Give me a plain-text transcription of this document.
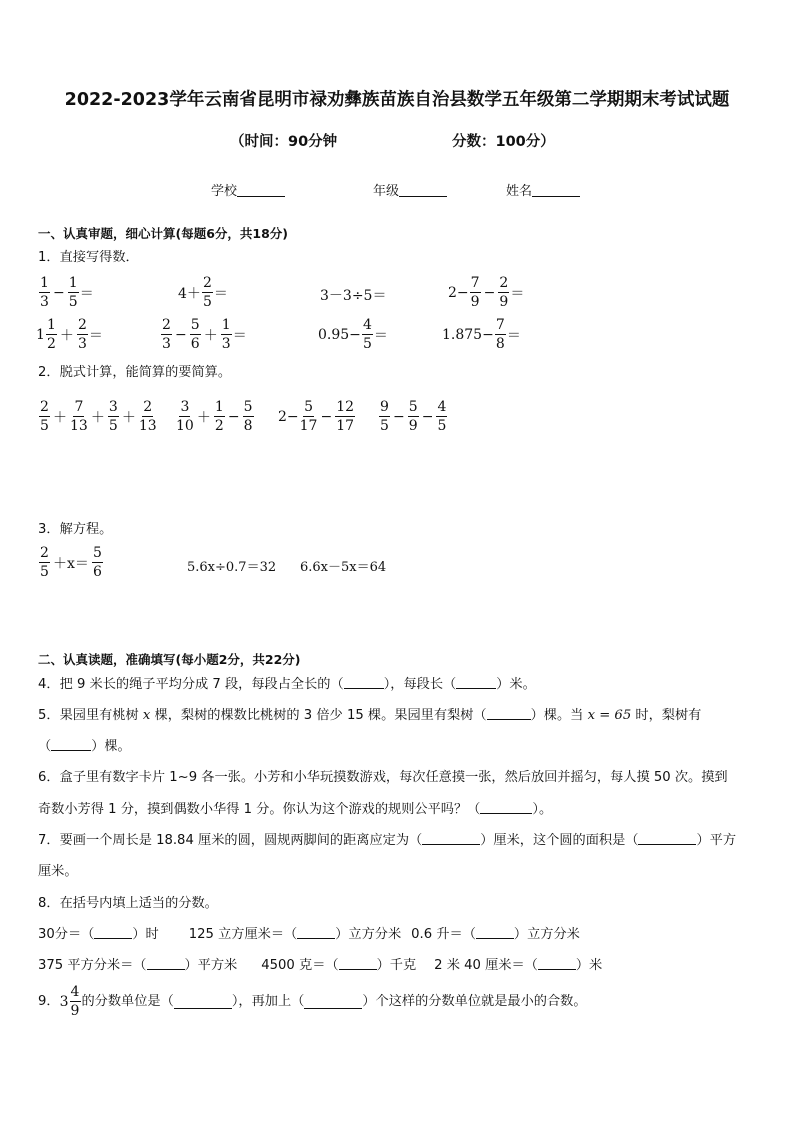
2022-2023学年云南省昆明市禄劝彝族苗族自治县数学五年级第二学期期末考试试题
（时间：90分钟	分数：100分）
学校	年级	姓名
一、认真审题，细心计算(每题6分，共18分)
1．直接写得数．
$\frac{1}{3} - \frac{1}{5}$ ＝	$4+ \frac{2}{5}$ ＝	3－3÷5＝	$2- \frac{7}{9} - \frac{2}{9}$ ＝
$1 \frac{1}{2} + \frac{2}{3}$ ＝	$\frac{2}{3} - \frac{5}{6} + \frac{1}{3}$ ＝	$0.95- \frac{4}{5}$ ＝	$1.875- \frac{7}{8}$ ＝
2．脱式计算，能简算的要简算。
$\frac{2}{5} + \frac{7}{13} + \frac{3}{5} + \frac{2}{13} \frac{3}{10} + \frac{1}{2} - \frac{5}{8} 2- \frac{5}{17} - \frac{12}{17} \frac{9}{5} - \frac{5}{9} - \frac{4}{5}$
3．解方程。
$\frac{2}{5} +x= \frac{5}{6}$	5.6x÷0.7＝32 6.6x－5x＝64
二、认真读题，准确填写(每小题2分，共22分)
4．把 9 米长的绳子平均分成 7 段，每段占全长的（	），每段长（	）米。
5．果园里有桃树 x 棵，梨树的棵数比桃树的 3 倍少 15 棵。果园里有梨树（	）棵。当 x = 65 时，梨树有
（	）棵。
6．盒子里有数字卡片 1~9 各一张。小芳和小华玩摸数游戏，每次任意摸一张，然后放回并摇匀，每人摸 50 次。摸到
奇数小芳得 1 分，摸到偶数小华得 1 分。你认为这个游戏的规则公平吗？（	）。
7．要画一个周长是 18.84 厘米的圆，圆规两脚间的距离应定为（	）厘米，这个圆的面积是（	）平方
厘米。
8．在括号内填上适当的分数。
30分＝（	）时 125 立方厘米＝（	）立方分米 0.6 升＝（	）立方分米
375 平方分米＝（	）平方米 4500 克＝（	）千克 2 米 40 厘米＝（	）米
9． $3 \frac{4}{9}$ 的分数单位是（	），再加上（	）个这样的分数单位就是最小的合数。
